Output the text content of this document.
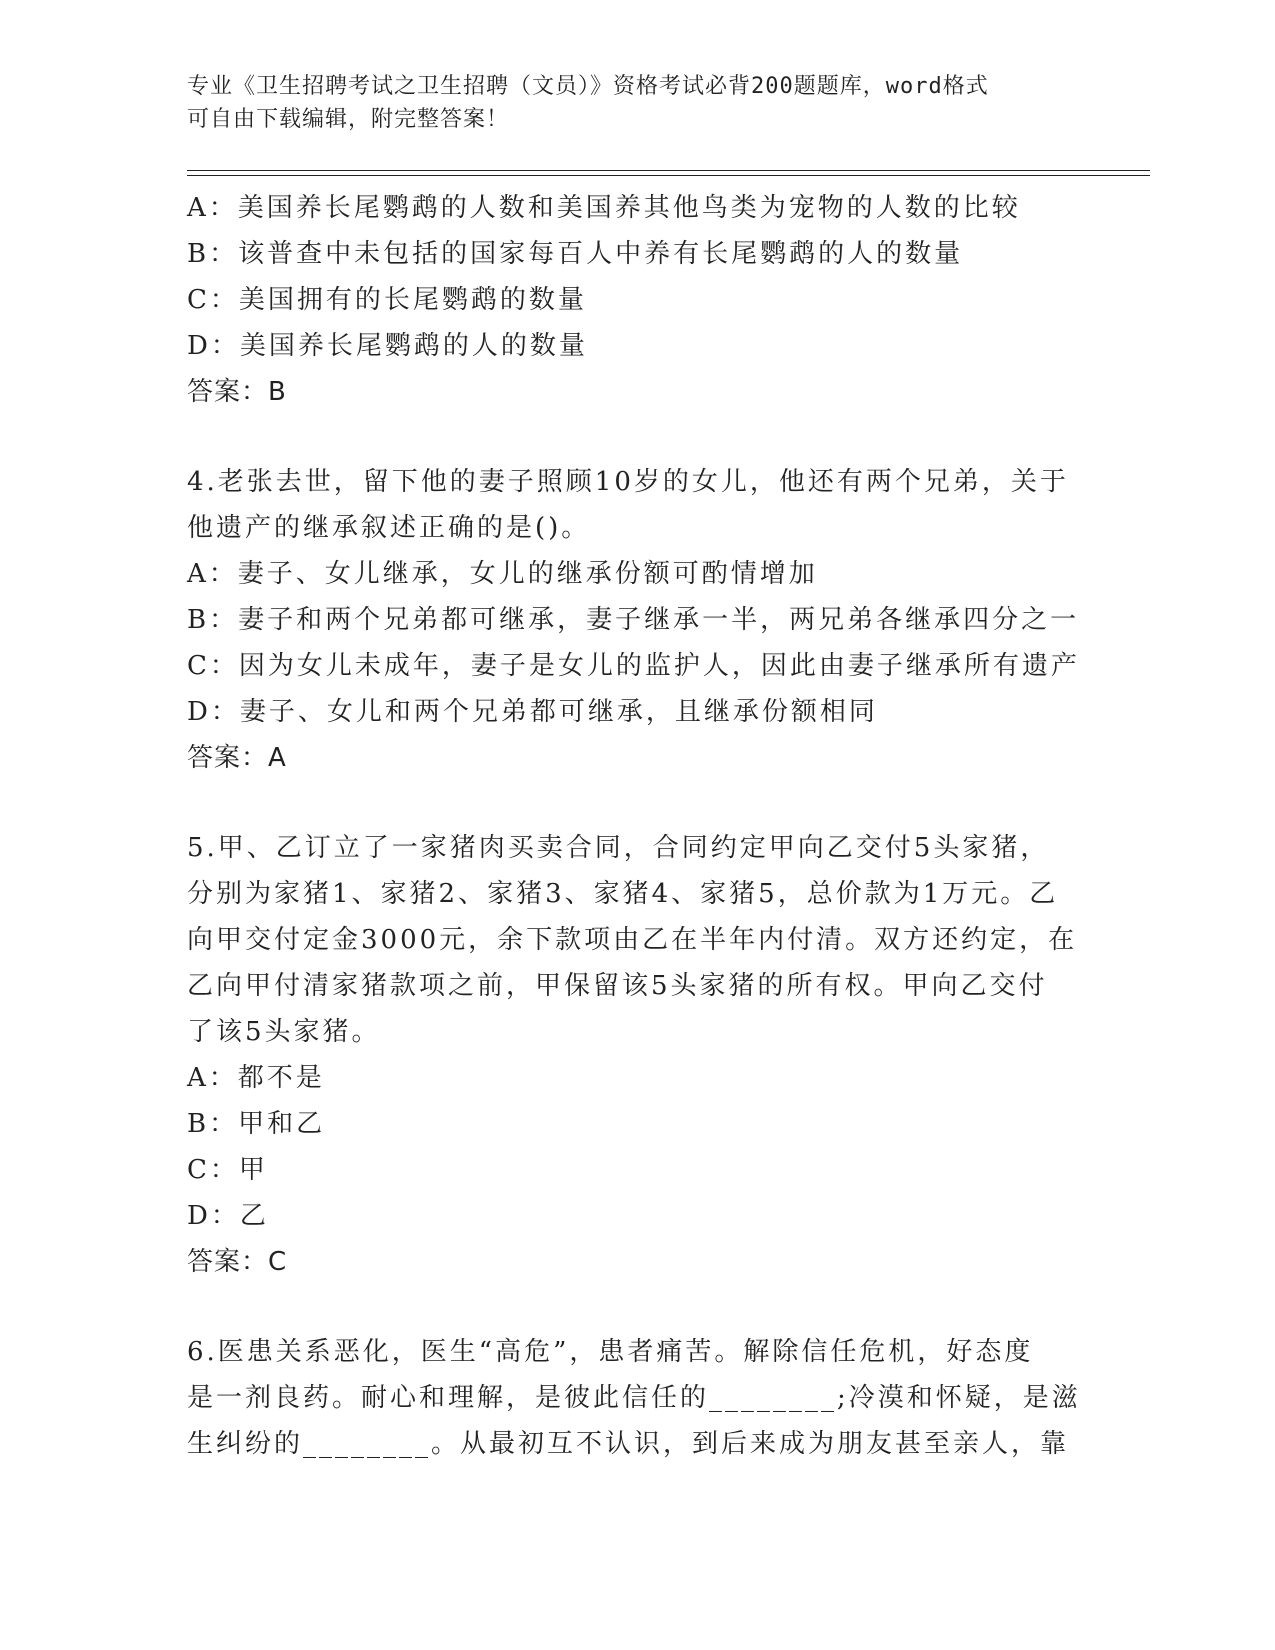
专业《卫生招聘考试之卫生招聘（文员）》资格考试必背200题题库，word格式
可自由下载编辑，附完整答案！
A：美国养长尾鹦鹉的人数和美国养其他鸟类为宠物的人数的比较
B：该普查中未包括的国家每百人中养有长尾鹦鹉的人的数量
C：美国拥有的长尾鹦鹉的数量
D：美国养长尾鹦鹉的人的数量
答案：B
4.老张去世，留下他的妻子照顾10岁的女儿，他还有两个兄弟，关于
他遗产的继承叙述正确的是()。
A：妻子、女儿继承，女儿的继承份额可酌情增加
B：妻子和两个兄弟都可继承，妻子继承一半，两兄弟各继承四分之一
C：因为女儿未成年，妻子是女儿的监护人，因此由妻子继承所有遗产
D：妻子、女儿和两个兄弟都可继承，且继承份额相同
答案：A
5.甲、乙订立了一家猪肉买卖合同，合同约定甲向乙交付5头家猪，
分别为家猪1、家猪2、家猪3、家猪4、家猪5，总价款为1万元。乙
向甲交付定金3000元，余下款项由乙在半年内付清。双方还约定，在
乙向甲付清家猪款项之前，甲保留该5头家猪的所有权。甲向乙交付
了该5头家猪。
A：都不是
B：甲和乙
C：甲
D：乙
答案：C
6.医患关系恶化，医生“高危”，患者痛苦。解除信任危机，好态度
是一剂良药。耐心和理解，是彼此信任的________;冷漠和怀疑，是滋
生纠纷的________。从最初互不认识，到后来成为朋友甚至亲人，靠
